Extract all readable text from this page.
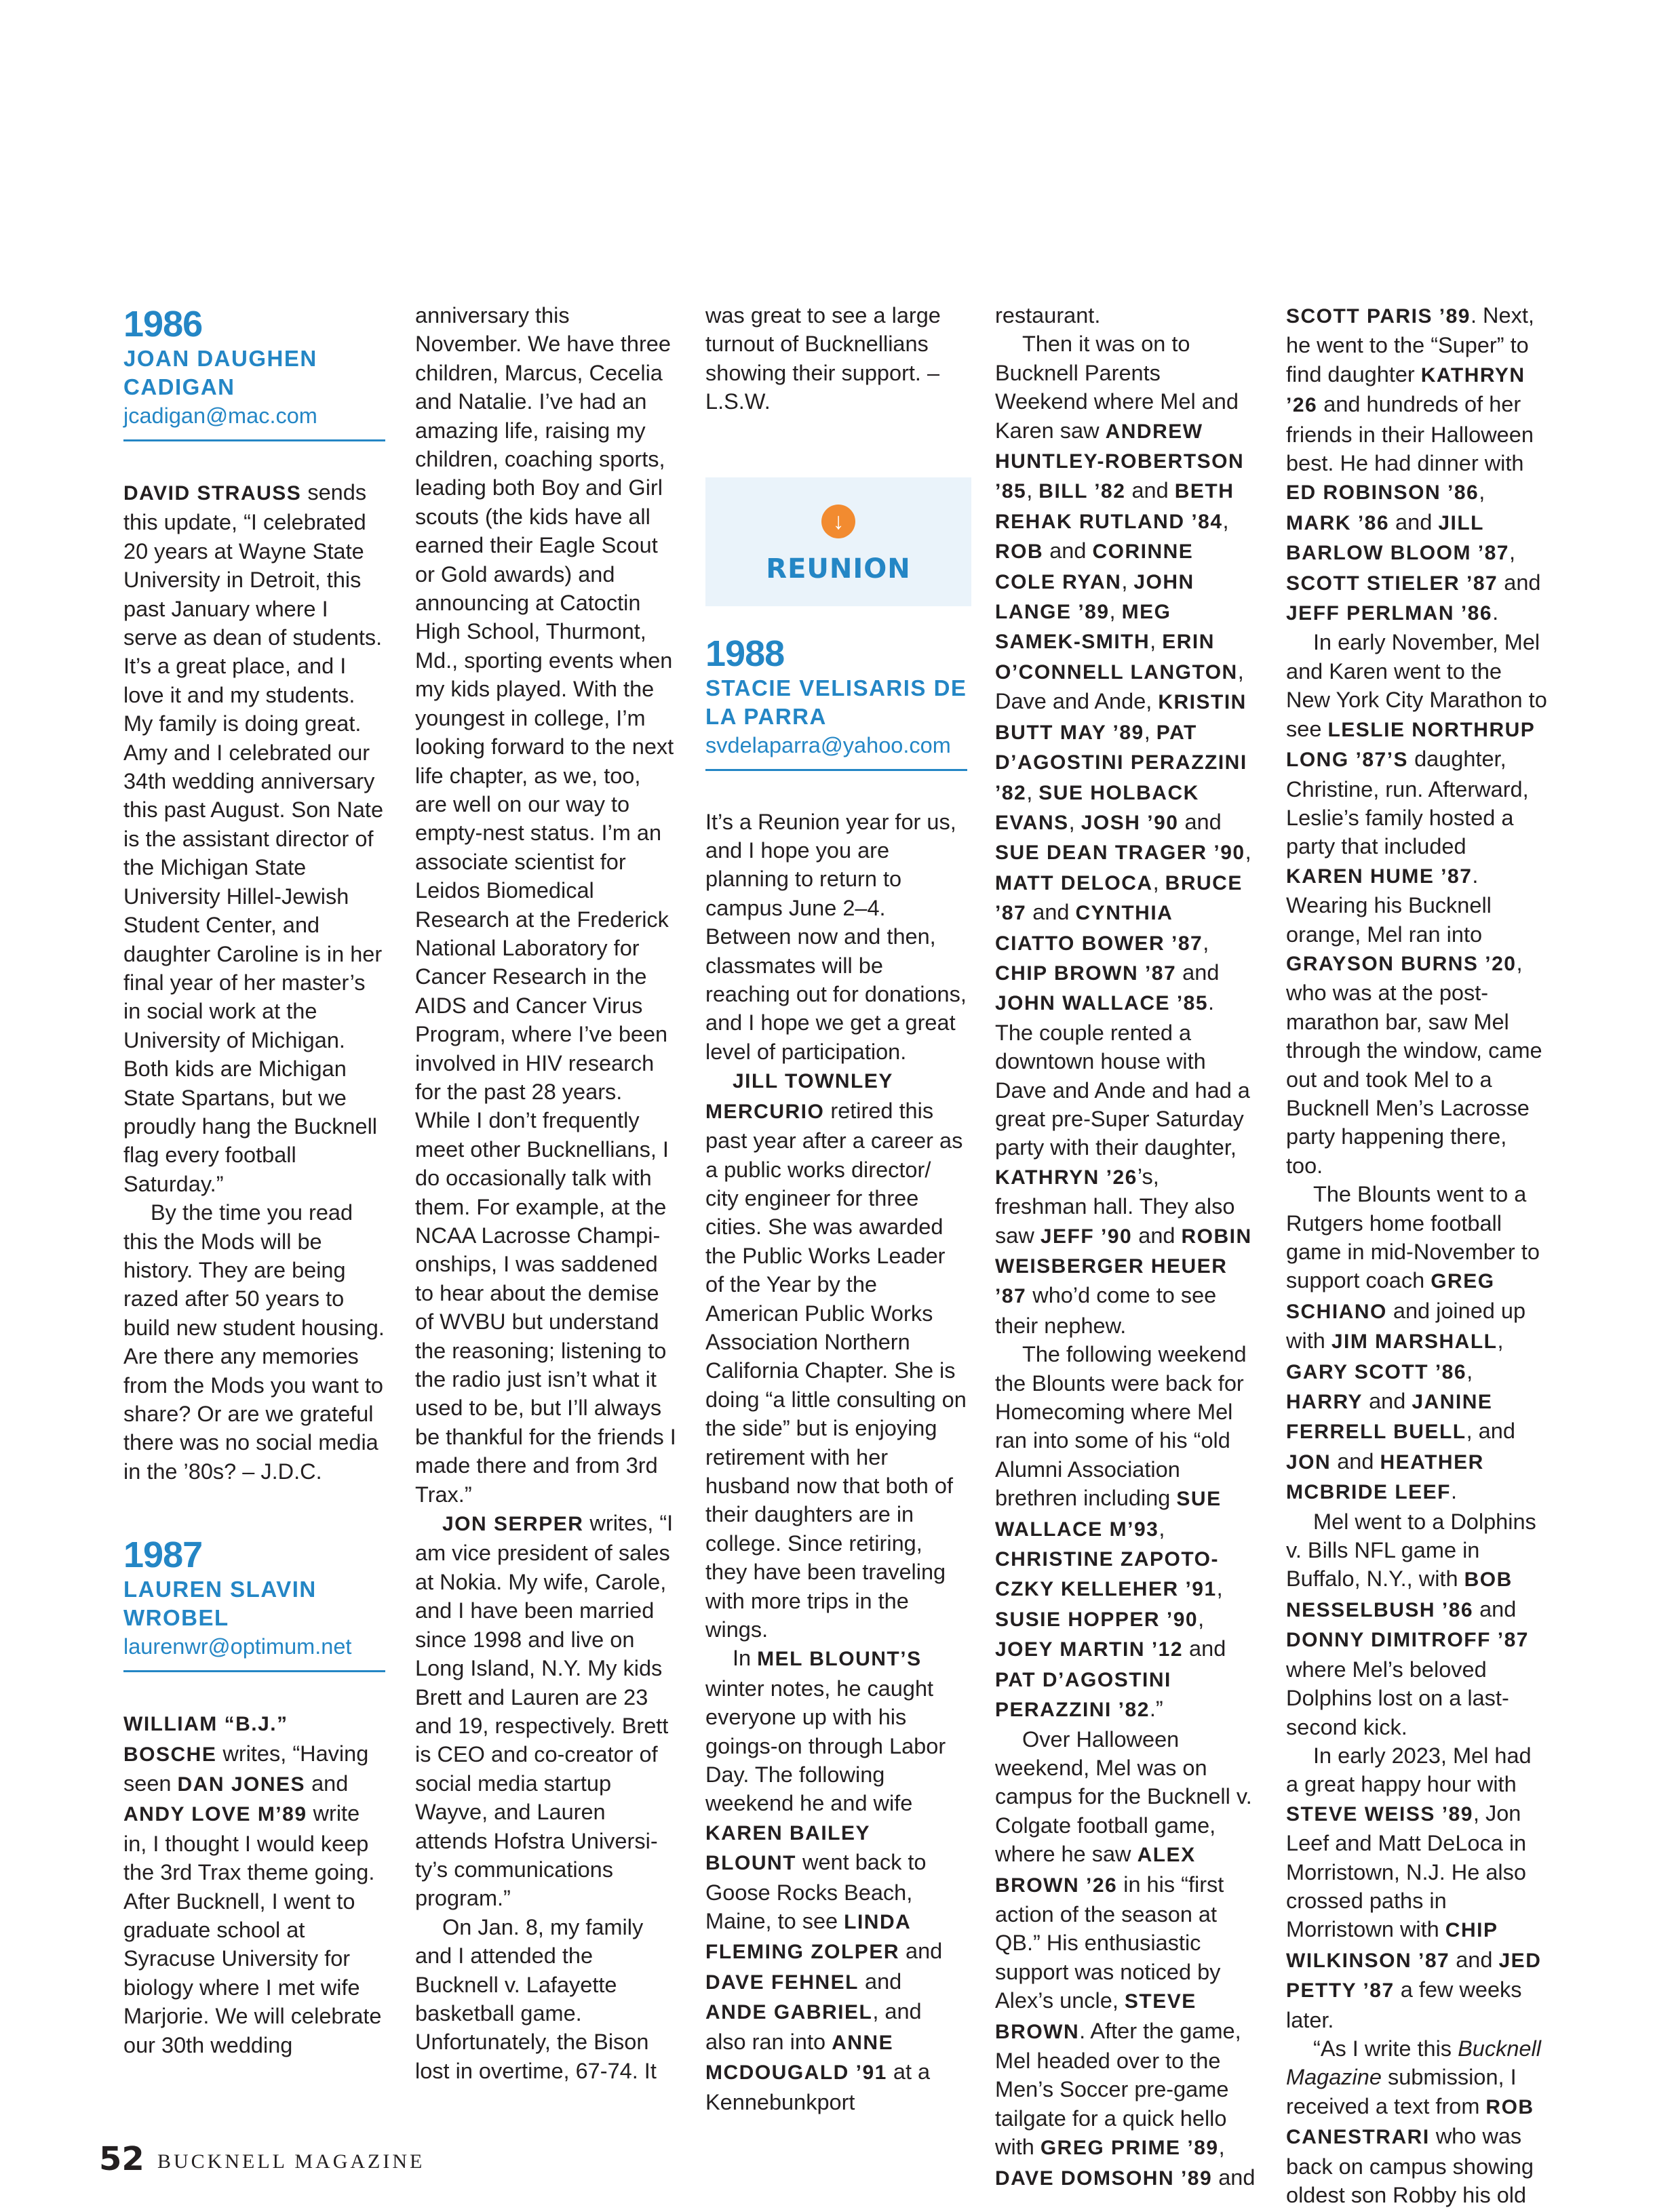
1986
JOAN DAUGHEN
CADIGAN
jcadigan@mac.com

DAVID STRAUSS sends this update, “I celebrated 20 years at Wayne State University in Detroit, this past January where I serve as dean of students. It’s a great place, and I love it and my students. My family is doing great. Amy and I celebrated our 34th wedding anniversary this past August. Son Nate is the assistant director of the Michigan State University Hillel-Jewish Student Center, and daughter Caroline is in her final year of her master’s in social work at the University of Michigan. Both kids are Michigan State Spartans, but we proudly hang the Bucknell flag every football Saturday.”

By the time you read this the Mods will be history. They are being razed after 50 years to build new student housing. Are there any memories from the Mods you want to share? Or are we grateful there was no social media in the ’80s? – J.D.C.

1987
LAUREN SLAVIN
WROBEL
laurenwr@optimum.net

WILLIAM “B.J.” BOSCHE writes, “Having seen DAN JONES and ANDY LOVE M’89 write in, I thought I would keep the 3rd Trax theme going. After Bucknell, I went to graduate school at Syracuse University for biology where I met wife Marjorie. We will celebrate our 30th wedding

anniversary this November. We have three children, Marcus, Cecelia and Natalie. I’ve had an amazing life, raising my children, coaching sports, leading both Boy and Girl scouts (the kids have all earned their Eagle Scout or Gold awards) and announcing at Catoctin High School, Thurmont, Md., sporting events when my kids played. With the youngest in college, I’m looking forward to the next life chapter, as we, too, are well on our way to empty-nest status. I’m an associate scientist for Leidos Biomedical Research at the Frederick National Laboratory for Cancer Research in the AIDS and Cancer Virus Program, where I’ve been involved in HIV research for the past 28 years. While I don’t frequently meet other Bucknellians, I do occasionally talk with them. For example, at the NCAA Lacrosse Championships, I was saddened to hear about the demise of WVBU but understand the reasoning; listening to the radio just isn’t what it used to be, but I’ll always be thankful for the friends I made there and from 3rd Trax.”

JON SERPER writes, “I am vice president of sales at Nokia. My wife, Carole, and I have been married since 1998 and live on Long Island, N.Y. My kids Brett and Lauren are 23 and 19, respectively. Brett is CEO and co-creator of social media startup Wayve, and Lauren attends Hofstra University’s communications program.”

On Jan. 8, my family and I attended the Bucknell v. Lafayette basketball game. Unfortunately, the Bison lost in overtime, 67-74. It

was great to see a large turnout of Bucknellians showing their support. – L.S.W.

↓
REUNION
1988
STACIE VELISARIS DE
LA PARRA
svdelaparra@yahoo.com

It’s a Reunion year for us, and I hope you are planning to return to campus June 2–4. Between now and then, classmates will be reaching out for donations, and I hope we get a great level of participation.

JILL TOWNLEY MERCURIO retired this past year after a career as a public works director/ city engineer for three cities. She was awarded the Public Works Leader of the Year by the American Public Works Association Northern California Chapter. She is doing “a little consulting on the side” but is enjoying retirement with her husband now that both of their daughters are in college. Since retiring, they have been traveling with more trips in the wings.

In MEL BLOUNT’S winter notes, he caught everyone up with his goings-on through Labor Day. The following weekend he and wife KAREN BAILEY BLOUNT went back to Goose Rocks Beach, Maine, to see LINDA FLEMING ZOLPER and DAVE FEHNEL and ANDE GABRIEL, and also ran into ANNE MCDOUGALD ’91 at a Kennebunkport

restaurant.

Then it was on to Bucknell Parents Weekend where Mel and Karen saw ANDREW HUNTLEY-ROBERTSON ’85, BILL ’82 and BETH REHAK RUTLAND ’84, ROB and CORINNE COLE RYAN, JOHN LANGE ’89, MEG SAMEK-SMITH, ERIN O’CONNELL LANGTON, Dave and Ande, KRISTIN BUTT MAY ’89, PAT D’AGOSTINI PERAZZINI ’82, SUE HOLBACK EVANS, JOSH ’90 and SUE DEAN TRAGER ’90, MATT DELOCA, BRUCE ’87 and CYNTHIA CIATTO BOWER ’87, CHIP BROWN ’87 and JOHN WALLACE ’85. The couple rented a downtown house with Dave and Ande and had a great pre-Super Saturday party with their daughter, KATHRYN ’26’s, freshman hall. They also saw JEFF ’90 and ROBIN WEISBERGER HEUER ’87 who’d come to see their nephew.

The following weekend the Blounts were back for Homecoming where Mel ran into some of his “old Alumni Association brethren including SUE WALLACE M’93, CHRISTINE ZAPOTOCZKY KELLEHER ’91, SUSIE HOPPER ’90, JOEY MARTIN ’12 and PAT D’AGOSTINI PERAZZINI ’82.”

Over Halloween weekend, Mel was on campus for the Bucknell v. Colgate football game, where he saw ALEX BROWN ’26 in his “first action of the season at QB.” His enthusiastic support was noticed by Alex’s uncle, STEVE BROWN. After the game, Mel headed over to the Men’s Soccer pre-game tailgate for a quick hello with GREG PRIME ’89, DAVE DOMSOHN ’89 and

SCOTT PARIS ’89. Next, he went to the “Super” to find daughter KATHRYN ’26 and hundreds of her friends in their Halloween best. He had dinner with ED ROBINSON ’86, MARK ’86 and JILL BARLOW BLOOM ’87, SCOTT STIELER ’87 and JEFF PERLMAN ’86.

In early November, Mel and Karen went to the New York City Marathon to see LESLIE NORTHRUP LONG ’87’S daughter, Christine, run. Afterward, Leslie’s family hosted a party that included KAREN HUME ’87. Wearing his Bucknell orange, Mel ran into GRAYSON BURNS ’20, who was at the post-marathon bar, saw Mel through the window, came out and took Mel to a Bucknell Men’s Lacrosse party happening there, too.

The Blounts went to a Rutgers home football game in mid-November to support coach GREG SCHIANO and joined up with JIM MARSHALL, GARY SCOTT ’86, HARRY and JANINE FERRELL BUELL, and JON and HEATHER MCBRIDE LEEF.

Mel went to a Dolphins v. Bills NFL game in Buffalo, N.Y., with BOB NESSELBUSH ’86 and DONNY DIMITROFF ’87 where Mel’s beloved Dolphins lost on a last-second kick.

In early 2023, Mel had a great happy hour with STEVE WEISS ’89, Jon Leef and Matt DeLoca in Morristown, N.J. He also crossed paths in Morristown with CHIP WILKINSON ’87 and JED PETTY ’87 a few weeks later.

“As I write this Bucknell Magazine submission, I received a text from ROB CANESTRARI who was back on campus showing oldest son Robby his old

52 BUCKNELL MAGAZINE
